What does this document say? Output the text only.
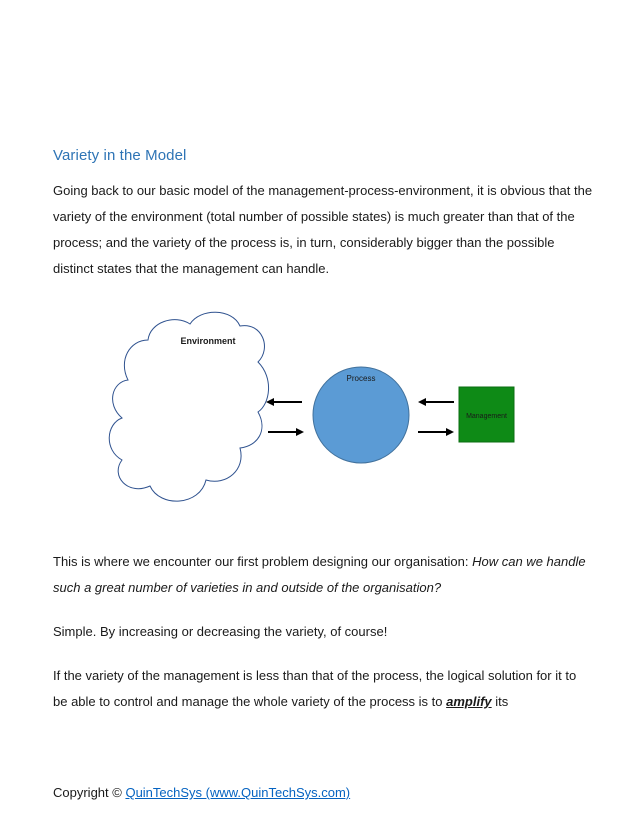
Variety in the Model

Going back to our basic model of the management-process-environment, it is obvious that the variety of the environment (total number of possible states) is much greater than that of the process; and the variety of the process is, in turn, considerably bigger than the possible distinct states that the management can handle.

Environment
Process
Management

This is where we encounter our first problem designing our organisation: How can we handle such a great number of varieties in and outside of the organisation?

Simple. By increasing or decreasing the variety, of course!

If the variety of the management is less than that of the process, the logical solution for it to be able to control and manage the whole variety of the process is to amplify its

Copyright © QuinTechSys (www.QuinTechSys.com)
